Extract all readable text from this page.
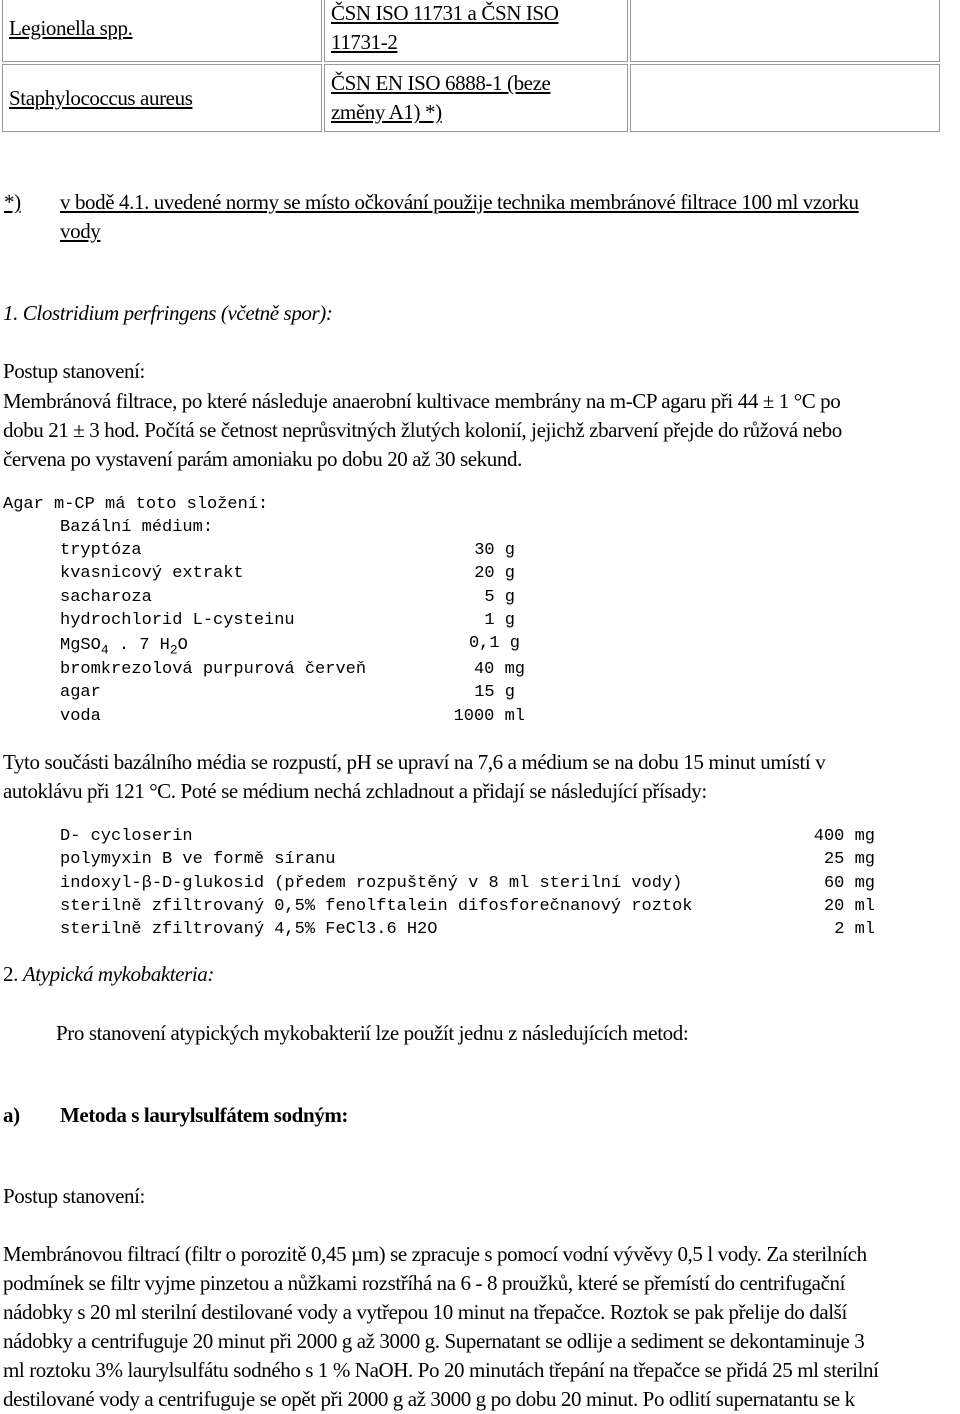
Legionella spp.	ČSN ISO 11731 a ČSN ISO
11731-2	
Staphylococcus aureus	ČSN EN ISO 6888-1 (beze
změny A1) *)	
*) v bodě 4.1. uvedené normy se místo očkování použije technika membránové filtrace 100 ml vzorku
vody
1. Clostridium perfringens (včetně spor):
Postup stanovení:
Membránová filtrace, po které následuje anaerobní kultivace membrány na m-CP agaru při 44 ± 1 °C po
dobu 21 ± 3 hod. Počítá se četnost neprůsvitných žlutých kolonií, jejichž zbarvení přejde do růžová nebo
červena po vystavení parám amoniaku po dobu 20 až 30 sekund.
Agar m-CP má toto složení:
Bazální médium:

tryptóza

	30 g

kvasnicový extrakt

	20 g

sacharoza

	5 g

hydrochlorid L-cysteinu

	1 g

MgSO$_4$ . 7 $H_2O$

	0,1 g

bromkrezolová purpurová červeň

	40 mg

agar

	15 g

voda

	1000 ml

Tyto součásti bazálního média se rozpustí, pH se upraví na 7,6 a médium se na dobu 15 minut umístí v
autoklávu při 121 °C. Poté se médium nechá zchladnout a přidají se následující přísady:

D- cycloserin

	400 mg

polymyxin B ve formě síranu

	25 mg

indoxyl-β-D-glukosid (předem rozpuštěný v 8 ml sterilní vody)

	60 mg

sterilně zfiltrovaný 0,5% fenolftalein difosforečnanový roztok

	20 ml

sterilně zfiltrovaný 4,5% FeCl3.6 H2O

	2 ml

2. Atypická mykobakteria:
Pro stanovení atypických mykobakterií lze použít jednu z následujících metod:
a) Metoda s laurylsulfátem sodným:
Postup stanovení:
Membránovou filtrací (filtr o porozitě 0,45 µm) se zpracuje s pomocí vodní vývěvy 0,5 l vody. Za sterilních
podmínek se filtr vyjme pinzetou a nůžkami rozstříhá na 6 - 8 proužků, které se přemístí do centrifugační
nádobky s 20 ml sterilní destilované vody a vytřepou 10 minut na třepačce. Roztok se pak přelije do další
nádobky a centrifuguje 20 minut při 2000 g až 3000 g. Supernatant se odlije a sediment se dekontaminuje 3
ml roztoku 3% laurylsulfátu sodného s 1 % NaOH. Po 20 minutách třepání na třepačce se přidá 25 ml sterilní
destilované vody a centrifuguje se opět při 2000 g až 3000 g po dobu 20 minut. Po odlití supernatantu se k
